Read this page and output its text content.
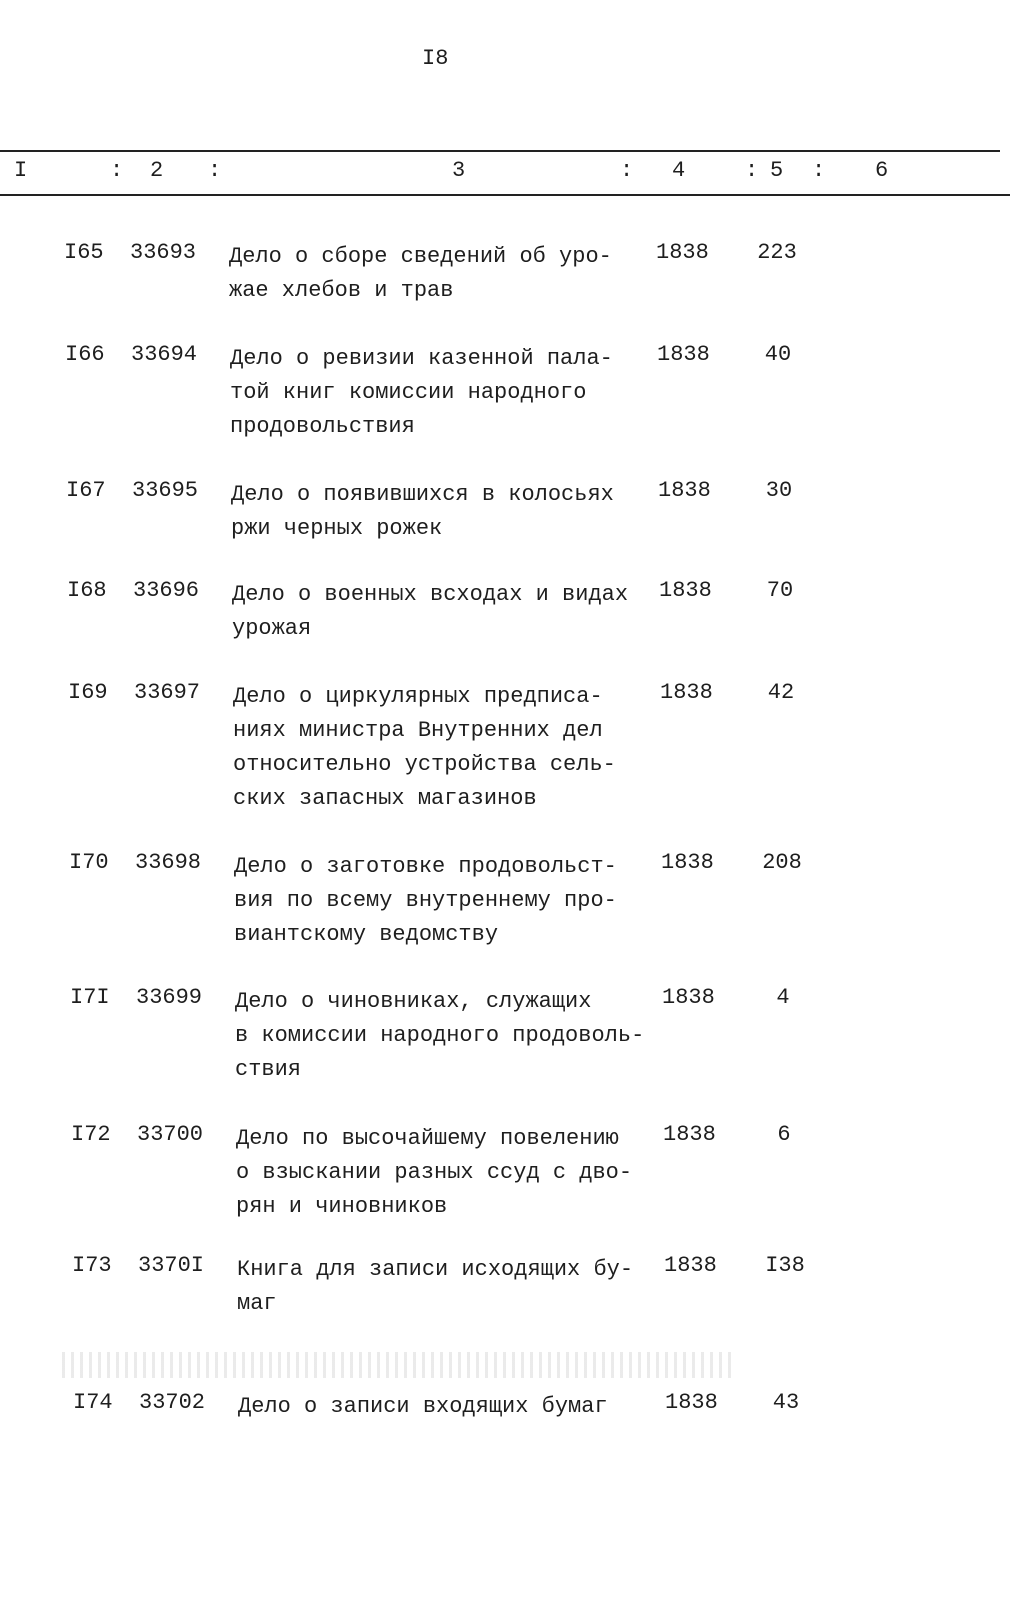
I8
I	: 2 :	3	: 4	: 5 : 6
I65 33693 Дело о сборе сведений об уро-
жае хлебов и трав
1838	223
I66 33694 Дело о ревизии казенной пала-
той книг комиссии народного
продовольствия
1838	40
I67 33695 Дело о появившихся в колосьях
ржи черных рожек
1838	30
I68 33696 Дело о военных всходах и видах
урожая
1838	70
I69 33697 Дело о циркулярных предписа-
ниях министра Внутренних дел
относительно устройства сель-
ских запасных магазинов
1838	42
I70 33698 Дело о заготовке продовольст-
вия по всему внутреннему про-
виантскому ведомству
1838	208
I7I 33699 Дело о чиновниках, служащих
в комиссии народного продоволь-
ствия
1838	4
I72 33700 Дело по высочайшему повелению
о взыскании разных ссуд с дво-
рян и чиновников
1838	6
I73 3370I Книга для записи исходящих бу-
маг
1838	I38
I74 33702 Дело о записи входящих бумаг	1838	43
